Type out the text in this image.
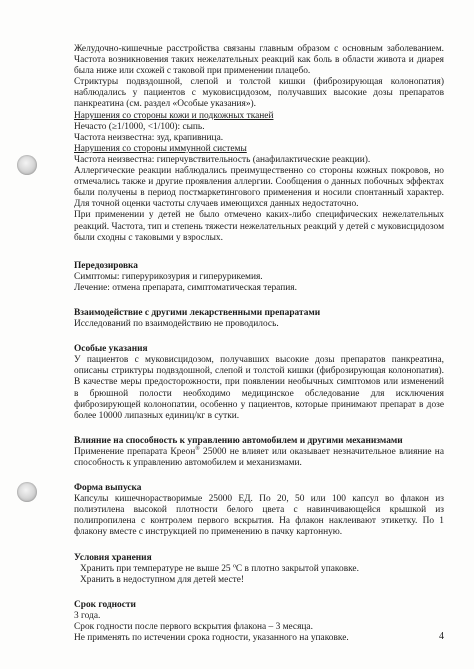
Желудочно-кишечные расстройства связаны главным образом с основным заболеванием. Частота возникновения таких нежелательных реакций как боль в области живота и диарея была ниже или схожей с таковой при применении плацебо.

Стриктуры подвздошной, слепой и толстой кишки (фиброзирующая колонопатия) наблюдались у пациентов с муковисцидозом, получавших высокие дозы препаратов панкреатина (см. раздел «Особые указания»).

Нарушения со стороны кожи и подкожных тканей

Нечасто (≥1/1000, <1/100): сыпь.

Частота неизвестна: зуд, крапивница.

Нарушения со стороны иммунной системы

Частота неизвестна: гиперчувствительность (анафилактические реакции).

Аллергические реакции наблюдались преимущественно со стороны кожных покровов, но отмечались также и другие проявления аллергии. Сообщения о данных побочных эффектах были получены в период постмаркетингового применения и носили спонтанный характер. Для точной оценки частоты случаев имеющихся данных недостаточно.

При применении у детей не было отмечено каких-либо специфических нежелательных реакций. Частота, тип и степень тяжести нежелательных реакций у детей с муковисцидозом были сходны с таковыми у взрослых.

Передозировка

Симптомы: гиперурикозурия и гиперурикемия.

Лечение: отмена препарата, симптоматическая терапия.

Взаимодействие с другими лекарственными препаратами

Исследований по взаимодействию не проводилось.

Особые указания

У пациентов с муковисцидозом, получавших высокие дозы препаратов панкреатина, описаны стриктуры подвздошной, слепой и толстой кишки (фиброзирующая колонопатия). В качестве меры предосторожности, при появлении необычных симптомов или изменений в брюшной полости необходимо медицинское обследование для исключения фиброзирующей колонопатии, особенно у пациентов, которые принимают препарат в дозе более 10000 липазных единиц/кг в сутки.

Влияние на способность к управлению автомобилем и другими механизмами

Применение препарата Креон® 25000 не влияет или оказывает незначительное влияние на способность к управлению автомобилем и механизмами.

Форма выпуска

Капсулы кишечнорастворимые 25000 ЕД. По 20, 50 или 100 капсул во флакон из полиэтилена высокой плотности белого цвета с навинчивающейся крышкой из полипропилена с контролем первого вскрытия. На флакон наклеивают этикетку. По 1 флакону вместе с инструкцией по применению в пачку картонную.

Условия хранения

Хранить при температуре не выше 25 ºС в плотно закрытой упаковке.

Хранить в недоступном для детей месте!

Срок годности

3 года.

Срок годности после первого вскрытия флакона – 3 месяца.

Не применять по истечении срока годности, указанного на упаковке.	4
